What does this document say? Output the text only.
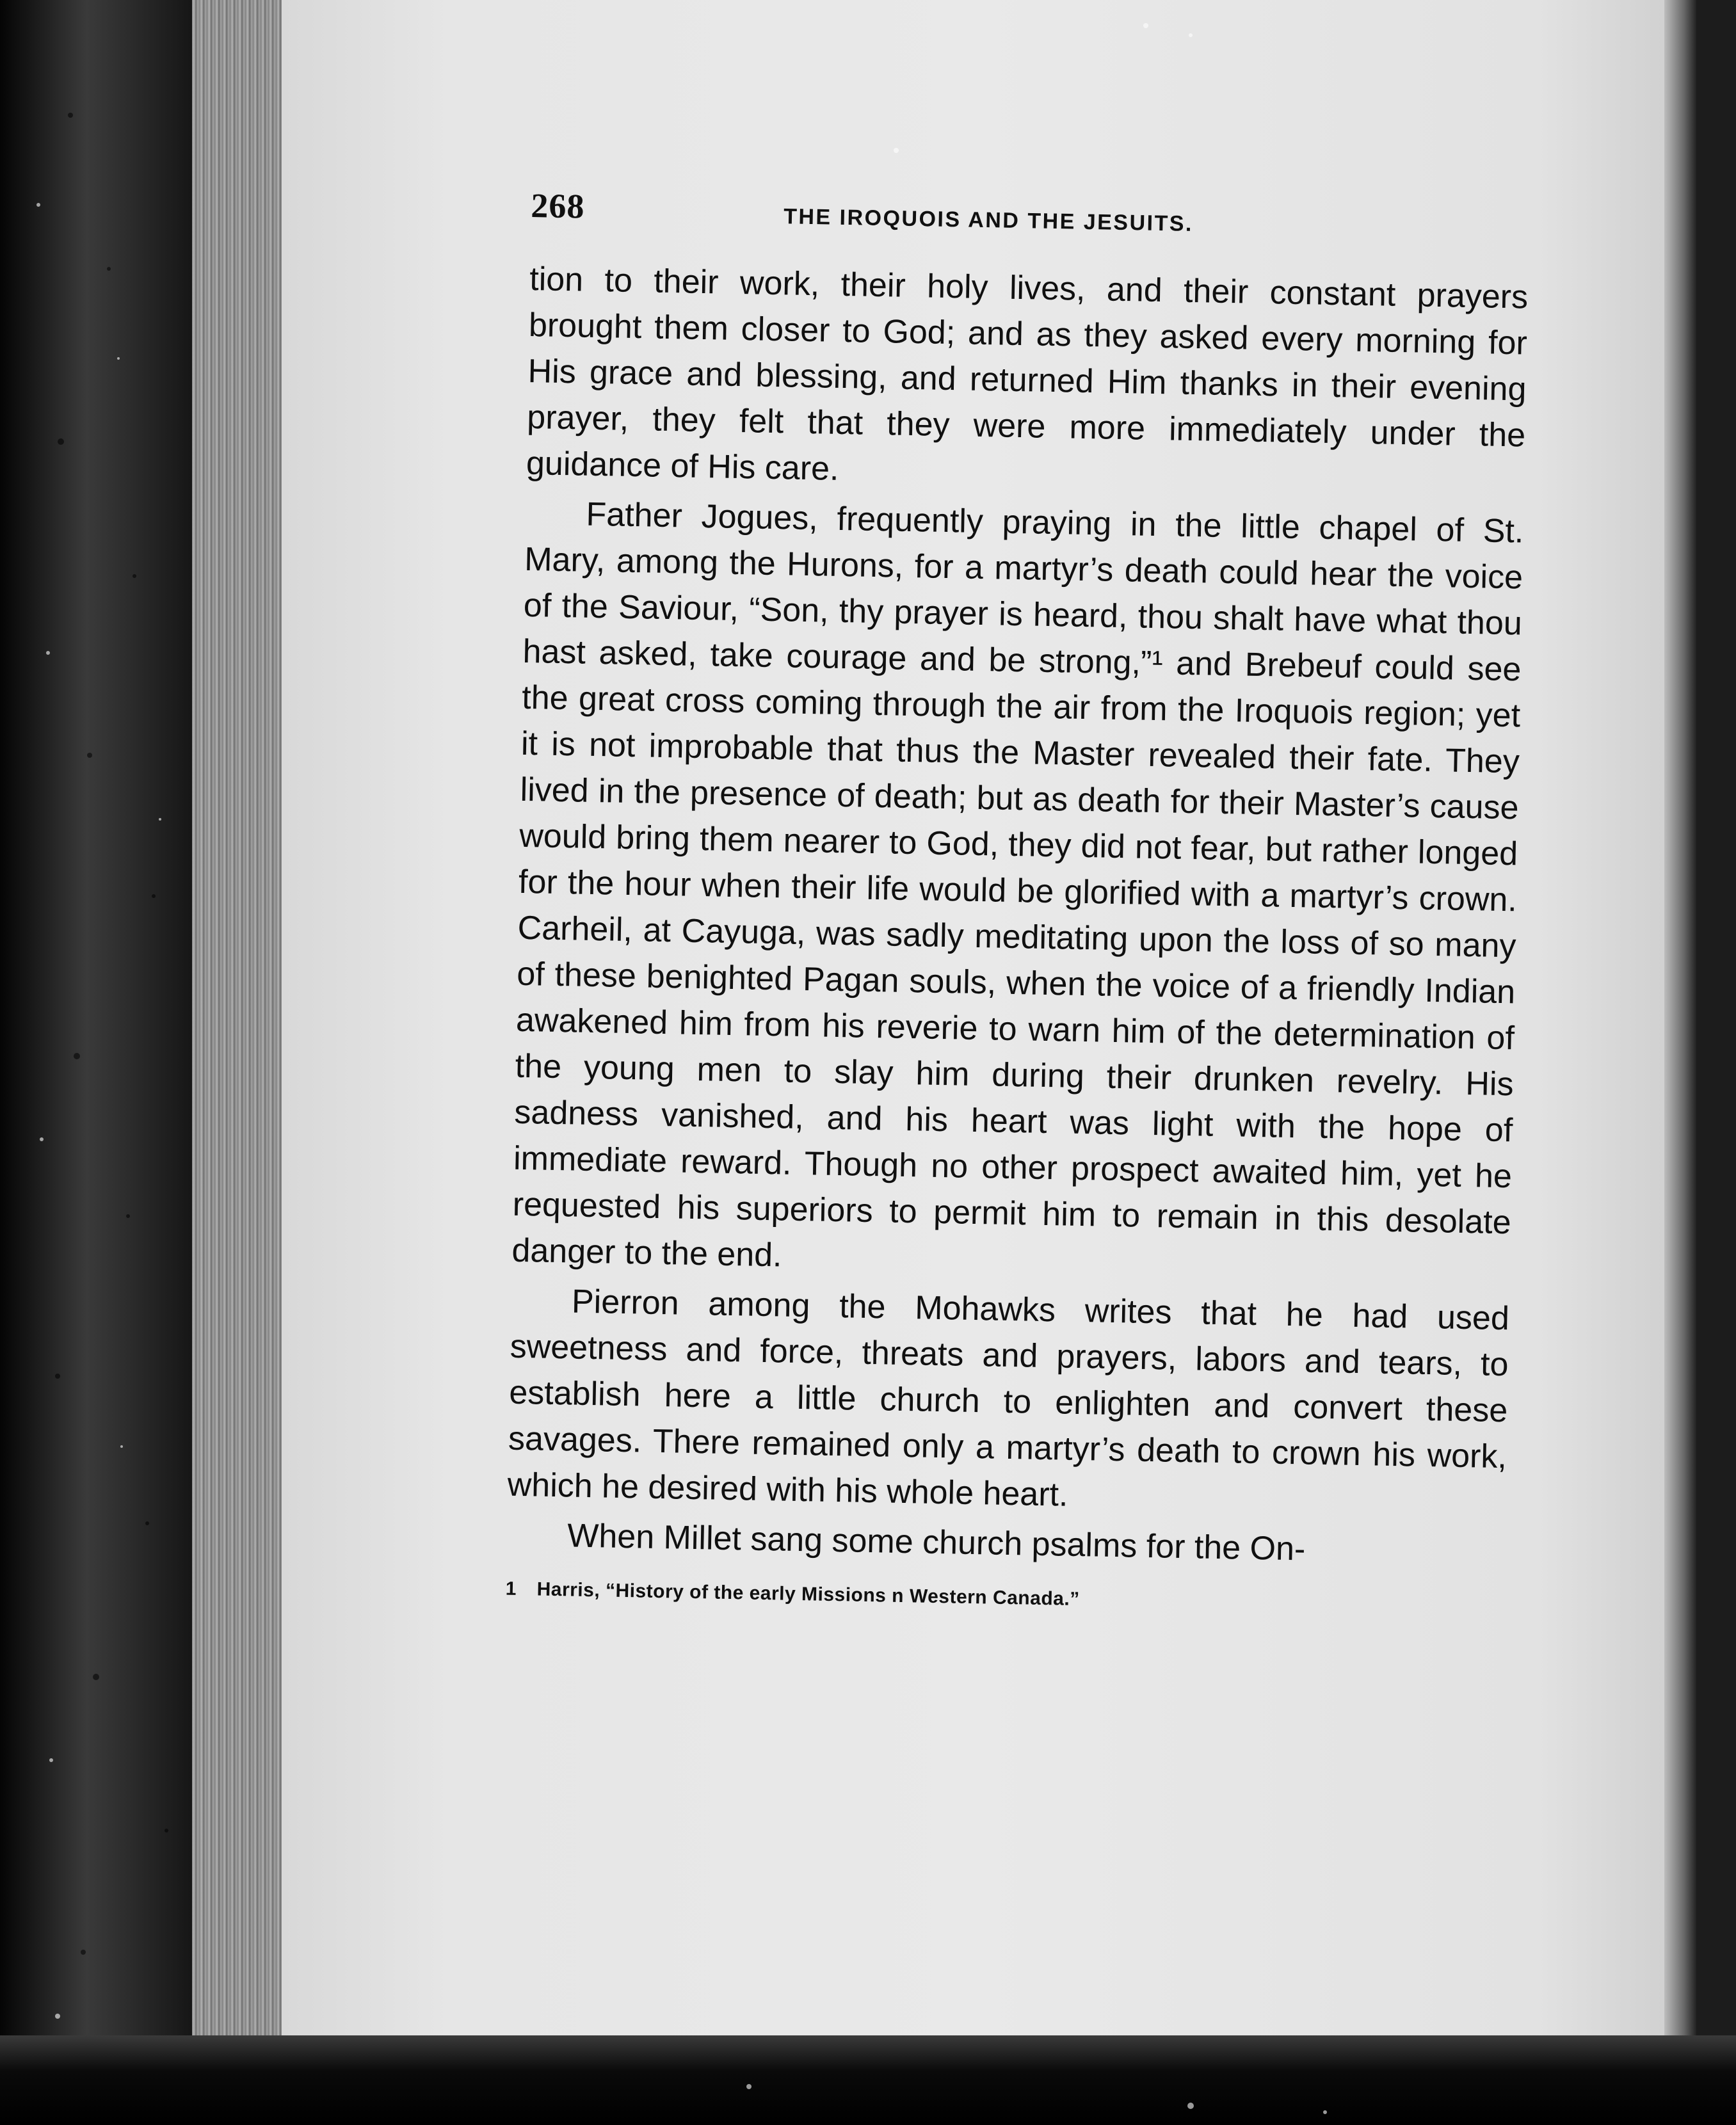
268	THE IROQUOIS AND THE JESUITS.

tion to their work, their holy lives, and their constant prayers brought them closer to God; and as they asked every morning for His grace and blessing, and returned Him thanks in their evening prayer, they felt that they were more immediately under the guidance of His care.

Father Jogues, frequently praying in the little chapel of St. Mary, among the Hurons, for a martyr’s death could hear the voice of the Saviour, “Son, thy prayer is heard, thou shalt have what thou hast asked, take courage and be strong,”¹ and Brebeuf could see the great cross coming through the air from the Iroquois region; yet it is not improbable that thus the Master revealed their fate. They lived in the presence of death; but as death for their Master’s cause would bring them nearer to God, they did not fear, but rather longed for the hour when their life would be glorified with a martyr’s crown. Carheil, at Cayuga, was sadly meditating upon the loss of so many of these benighted Pagan souls, when the voice of a friendly Indian awakened him from his reverie to warn him of the determination of the young men to slay him during their drunken revelry. His sadness vanished, and his heart was light with the hope of immediate reward. Though no other prospect awaited him, yet he requested his superiors to permit him to remain in this desolate danger to the end.

Pierron among the Mohawks writes that he had used sweetness and force, threats and prayers, labors and tears, to establish here a little church to enlighten and convert these savages. There remained only a martyr’s death to crown his work, which he desired with his whole heart.

When Millet sang some church psalms for the On-

1 Harris, “History of the early Missions n Western Canada.”
